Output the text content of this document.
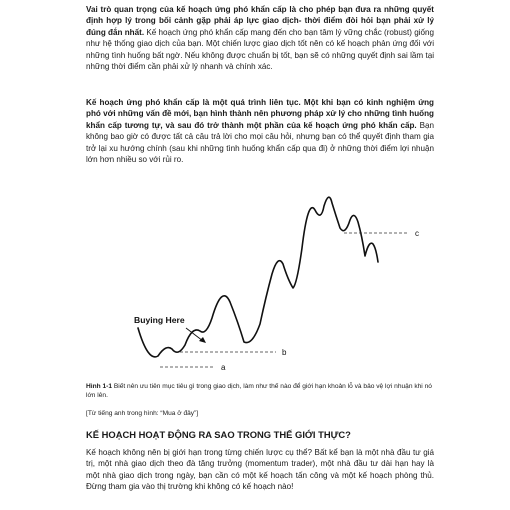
Vai trò quan trọng của kế hoạch ứng phó khẩn cấp là cho phép bạn đưa ra những quyết định hợp lý trong bối cảnh gặp phải áp lực giao dịch- thời điểm đòi hỏi bạn phải xử lý đúng đắn nhất. Kế hoạch ứng phó khẩn cấp mang đến cho bạn tâm lý vững chắc (robust) giống như hệ thống giao dịch của bạn. Một chiến lược giao dịch tốt nên có kế hoạch phản ứng đối với những tình huống bất ngờ. Nếu không được chuẩn bị tốt, bạn sẽ có những quyết định sai lầm tại những thời điểm cần phải xử lý nhanh và chính xác.

Kế hoạch ứng phó khẩn cấp là một quá trình liên tục. Một khi bạn có kinh nghiệm ứng phó với những vấn đề mới, bạn hình thành nên phương pháp xử lý cho những tình huống khẩn cấp tương tự, và sau đó trở thành một phần của kế hoạch ứng phó khẩn cấp. Bạn không bao giờ có được tất cả câu trả lời cho mọi câu hỏi, nhưng bạn có thể quyết định tham gia trở lại xu hướng chính (sau khi những tình huống khẩn cấp qua đi) ở những thời điểm lợi nhuận lớn hơn nhiều so với rủi ro.

Buying Here
a
b
c

Hình 1-1 Biết nên ưu tiên mục tiêu gì trong giao dịch, làm như thế nào để giới hạn khoản lỗ và bảo vệ lợi nhuận khi nó lớn lên.

[Từ tiếng anh trong hình: “Mua ở đây”]

KẾ HOẠCH HOẠT ĐỘNG RA SAO TRONG THẾ GIỚI THỰC?

Kế hoạch không nên bị giới hạn trong từng chiến lược cụ thể? Bất kể bạn là một nhà đầu tư giá trị, một nhà giao dịch theo đà tăng trưởng (momentum trader), một nhà đầu tư dài hạn hay là một nhà giao dịch trong ngày, bạn cần có một kế hoạch tấn công và một kế hoạch phòng thủ. Đừng tham gia vào thị trường khi không có kế hoạch nào!
